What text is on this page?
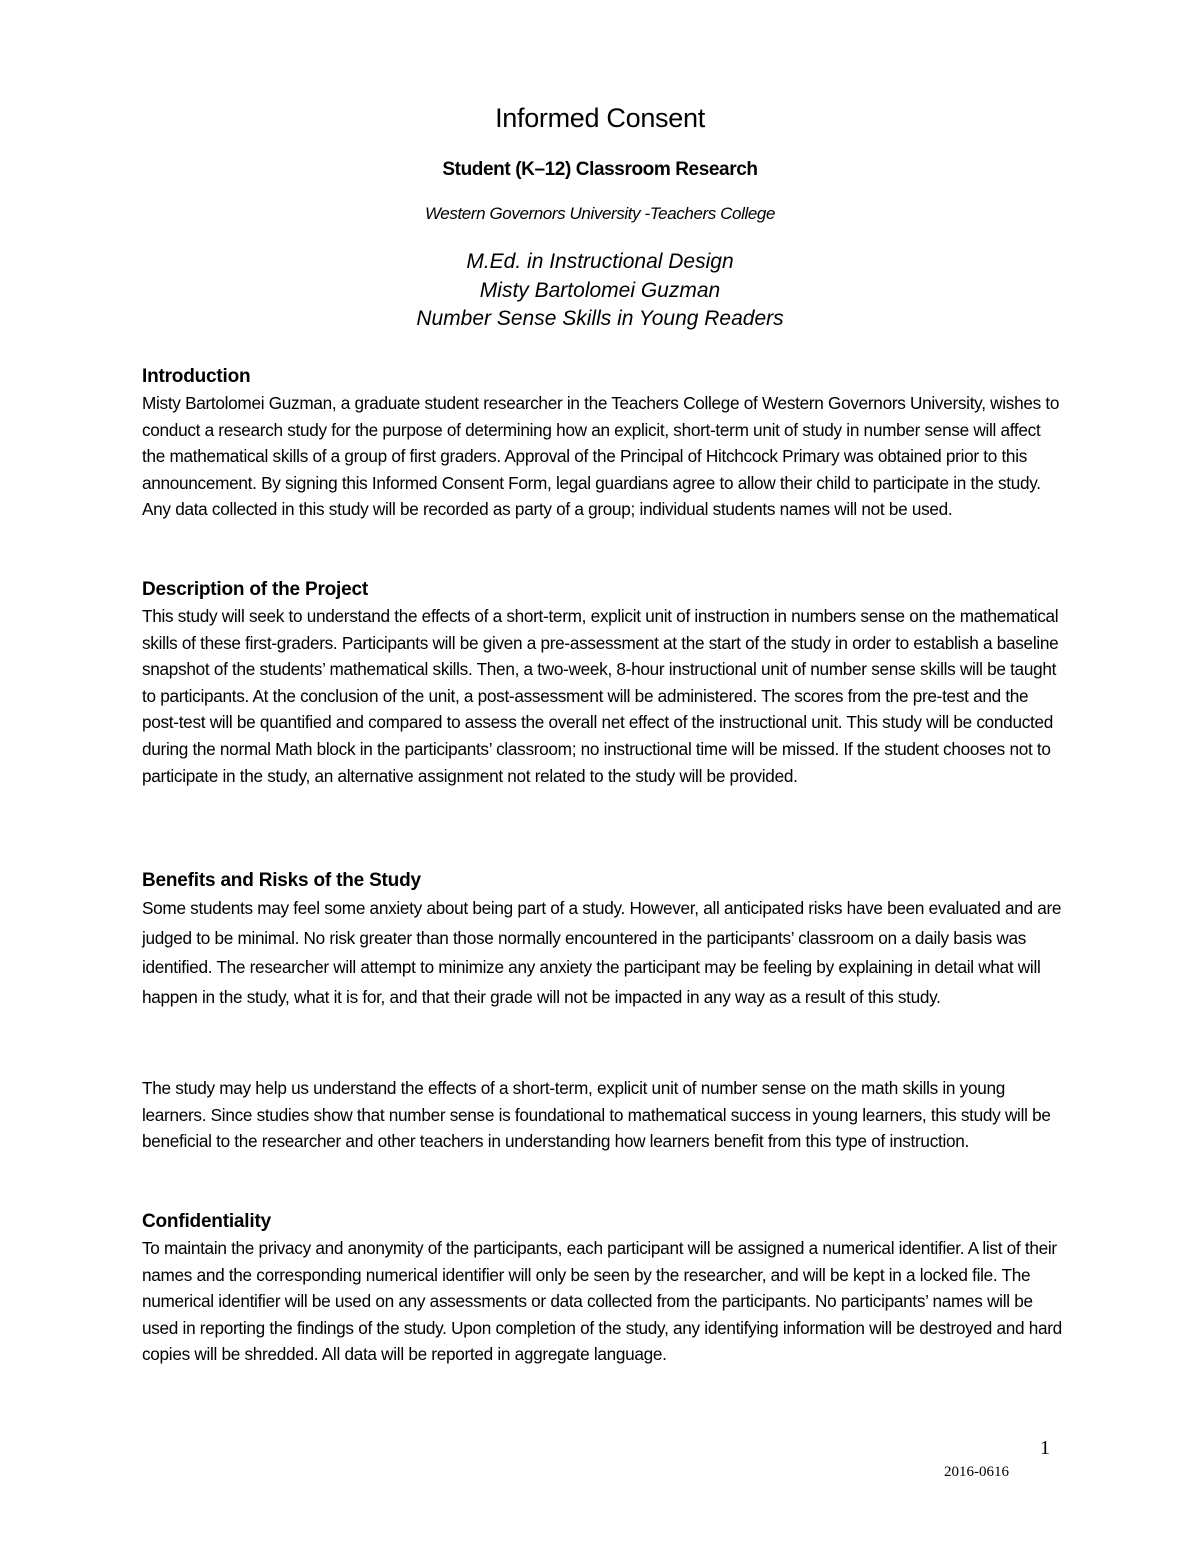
Informed Consent
Student (K–12) Classroom Research
Western Governors University -Teachers College
M.Ed. in Instructional Design
Misty Bartolomei Guzman
Number Sense Skills in Young Readers
Introduction
Misty Bartolomei Guzman, a graduate student researcher in the Teachers College of Western Governors University, wishes to conduct a research study for the purpose of determining how an explicit, short-term unit of study in number sense will affect the mathematical skills of a group of first graders. Approval of the Principal of Hitchcock Primary was obtained prior to this announcement. By signing this Informed Consent Form, legal guardians agree to allow their child to participate in the study. Any data collected in this study will be recorded as party of a group; individual students names will not be used.
Description of the Project
This study will seek to understand the effects of a short-term, explicit unit of instruction in numbers sense on the mathematical skills of these first-graders. Participants will be given a pre-assessment at the start of the study in order to establish a baseline snapshot of the students’ mathematical skills. Then, a two-week, 8-hour instructional unit of number sense skills will be taught to participants. At the conclusion of the unit, a post-assessment will be administered. The scores from the pre-test and the post-test will be quantified and compared to assess the overall net effect of the instructional unit. This study will be conducted during the normal Math block in the participants’ classroom; no instructional time will be missed. If the student chooses not to participate in the study, an alternative assignment not related to the study will be provided.
Benefits and Risks of the Study
Some students may feel some anxiety about being part of a study. However, all anticipated risks have been evaluated and are judged to be minimal. No risk greater than those normally encountered in the participants’ classroom on a daily basis was identified. The researcher will attempt to minimize any anxiety the participant may be feeling by explaining in detail what will happen in the study, what it is for, and that their grade will not be impacted in any way as a result of this study.
The study may help us understand the effects of a short-term, explicit unit of number sense on the math skills in young learners. Since studies show that number sense is foundational to mathematical success in young learners, this study will be beneficial to the researcher and other teachers in understanding how learners benefit from this type of instruction.
Confidentiality
To maintain the privacy and anonymity of the participants, each participant will be assigned a numerical identifier. A list of their names and the corresponding numerical identifier will only be seen by the researcher, and will be kept in a locked file. The numerical identifier will be used on any assessments or data collected from the participants. No participants’ names will be used in reporting the findings of the study. Upon completion of the study, any identifying information will be destroyed and hard copies will be shredded. All data will be reported in aggregate language.
1
2016-0616
